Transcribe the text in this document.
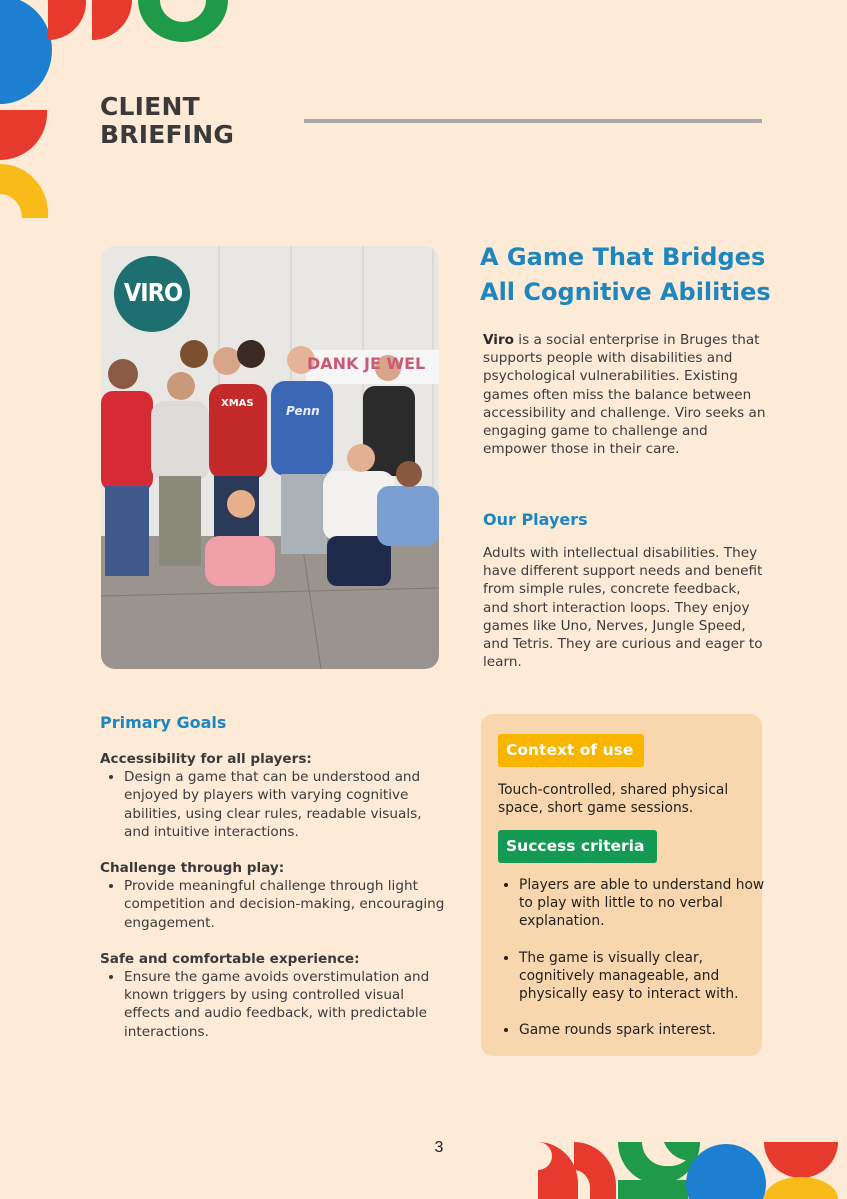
CLIENT
BRIEFING
VIRO
DANK JE WEL
XMAS
Penn
A Game That Bridges
All Cognitive Abilities
Viro is a social enterprise in Bruges that supports people with disabilities and psychological vulnerabilities. Existing games often miss the balance between accessibility and challenge. Viro seeks an engaging game to challenge and empower those in their care.
Our Players
Adults with intellectual disabilities. They have different support needs and benefit from simple rules, concrete feedback, and short interaction loops. They enjoy games like Uno, Nerves, Jungle Speed, and Tetris. They are curious and eager to learn.
Primary Goals
Accessibility for all players:
• Design a game that can be understood and enjoyed by players with varying cognitive abilities, using clear rules, readable visuals, and intuitive interactions.
Challenge through play:
• Provide meaningful challenge through light competition and decision-making, encouraging engagement.
Safe and comfortable experience:
• Ensure the game avoids overstimulation and known triggers by using controlled visual effects and audio feedback, with predictable interactions.
Context of use
Touch-controlled, shared physical space, short game sessions.
Success criteria
• Players are able to understand how to play with little to no verbal explanation.
• The game is visually clear, cognitively manageable, and physically easy to interact with.
• Game rounds spark interest.
3
